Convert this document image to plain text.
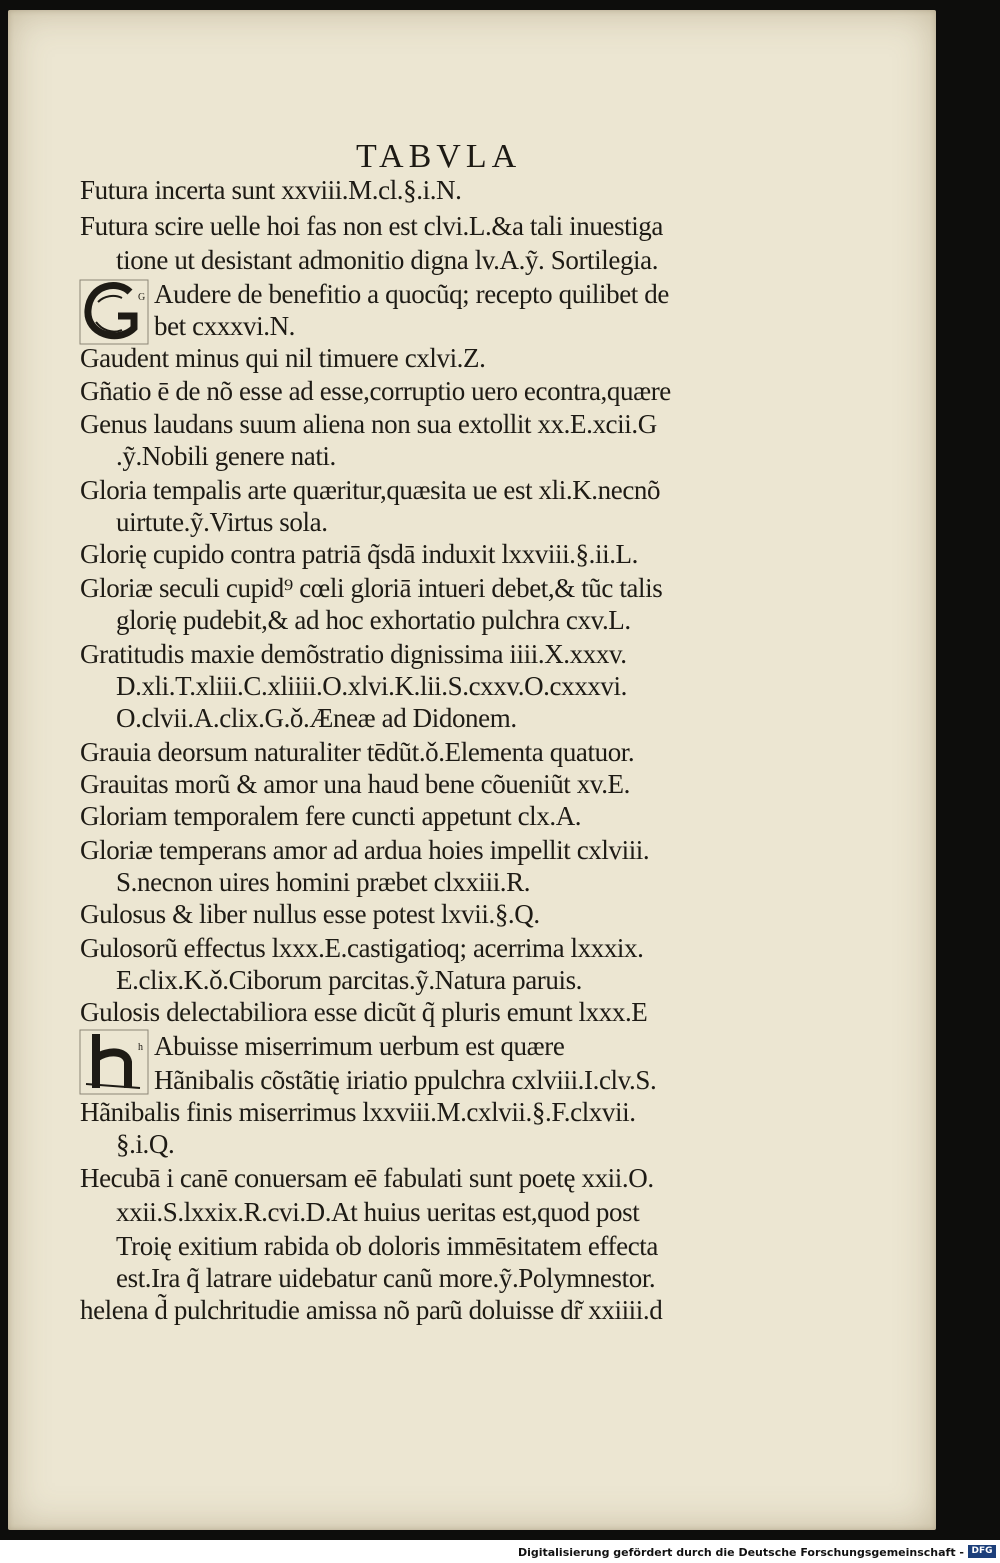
TABVLA
G
h
Futura incerta sunt xxviii.M.cl.§.i.N.
Futura scire uelle hoi fas non est clvi.L.&a tali inuestiga
tione ut desistant admonitio digna lv.A.ỹ. Sortilegia.
Audere de benefitio a quocũq; recepto quilibet de
bet cxxxvi.N.
Gaudent minus qui nil timuere cxlvi.Z.
Gñatio ē de nõ esse ad esse,corruptio uero econtra,quære
Genus laudans suum aliena non sua extollit xx.E.xcii.G
.ỹ.Nobili genere nati.
Gloria tempalis arte quæritur,quæsita ue est xli.K.necnõ
uirtute.ỹ.Virtus sola.
Glorię cupido contra patriā q̃sdā induxit lxxviii.§.ii.L.
Gloriæ seculi cupid⁹ cœli gloriā intueri debet,& tũc talis
glorię pudebit,& ad hoc exhortatio pulchra cxv.L.
Gratitudis maxie demõstratio dignissima iiii.X.xxxv.
D.xli.T.xliii.C.xliiii.O.xlvi.K.lii.S.cxxv.O.cxxxvi.
O.clvii.A.clix.G.ǒ.Æneæ ad Didonem.
Grauia deorsum naturaliter tēdũt.ǒ.Elementa quatuor.
Grauitas morũ & amor una haud bene cõueniũt xv.E.
Gloriam temporalem fere cuncti appetunt clx.A.
Gloriæ temperans amor ad ardua hoies impellit cxlviii.
S.necnon uires homini præbet clxxiii.R.
Gulosus & liber nullus esse potest lxvii.§.Q.
Gulosorũ effectus lxxx.E.castigatioq; acerrima lxxxix.
E.clix.K.ǒ.Ciborum parcitas.ỹ.Natura paruis.
Gulosis delectabiliora esse dicũt q̃ pluris emunt lxxx.E
Abuisse miserrimum uerbum est quære
Hãnibalis cõstãtię iriatio ppulchra cxlviii.I.clv.S.
Hãnibalis finis miserrimus lxxviii.M.cxlvii.§.F.clxvii.
§.i.Q.
Hecubā i canē conuersam eē fabulati sunt poetę xxii.O.
xxii.S.lxxix.R.cvi.D.At huius ueritas est,quod post
Troię exitium rabida ob doloris immēsitatem effecta
est.Ira q̃ latrare uidebatur canũ more.ỹ.Polymnestor.
helena d̃ pulchritudie amissa nõ parũ doluisse dr̃ xxiiii.d
Digitalisierung gefördert durch die Deutsche Forschungsgemeinschaft - DFG
